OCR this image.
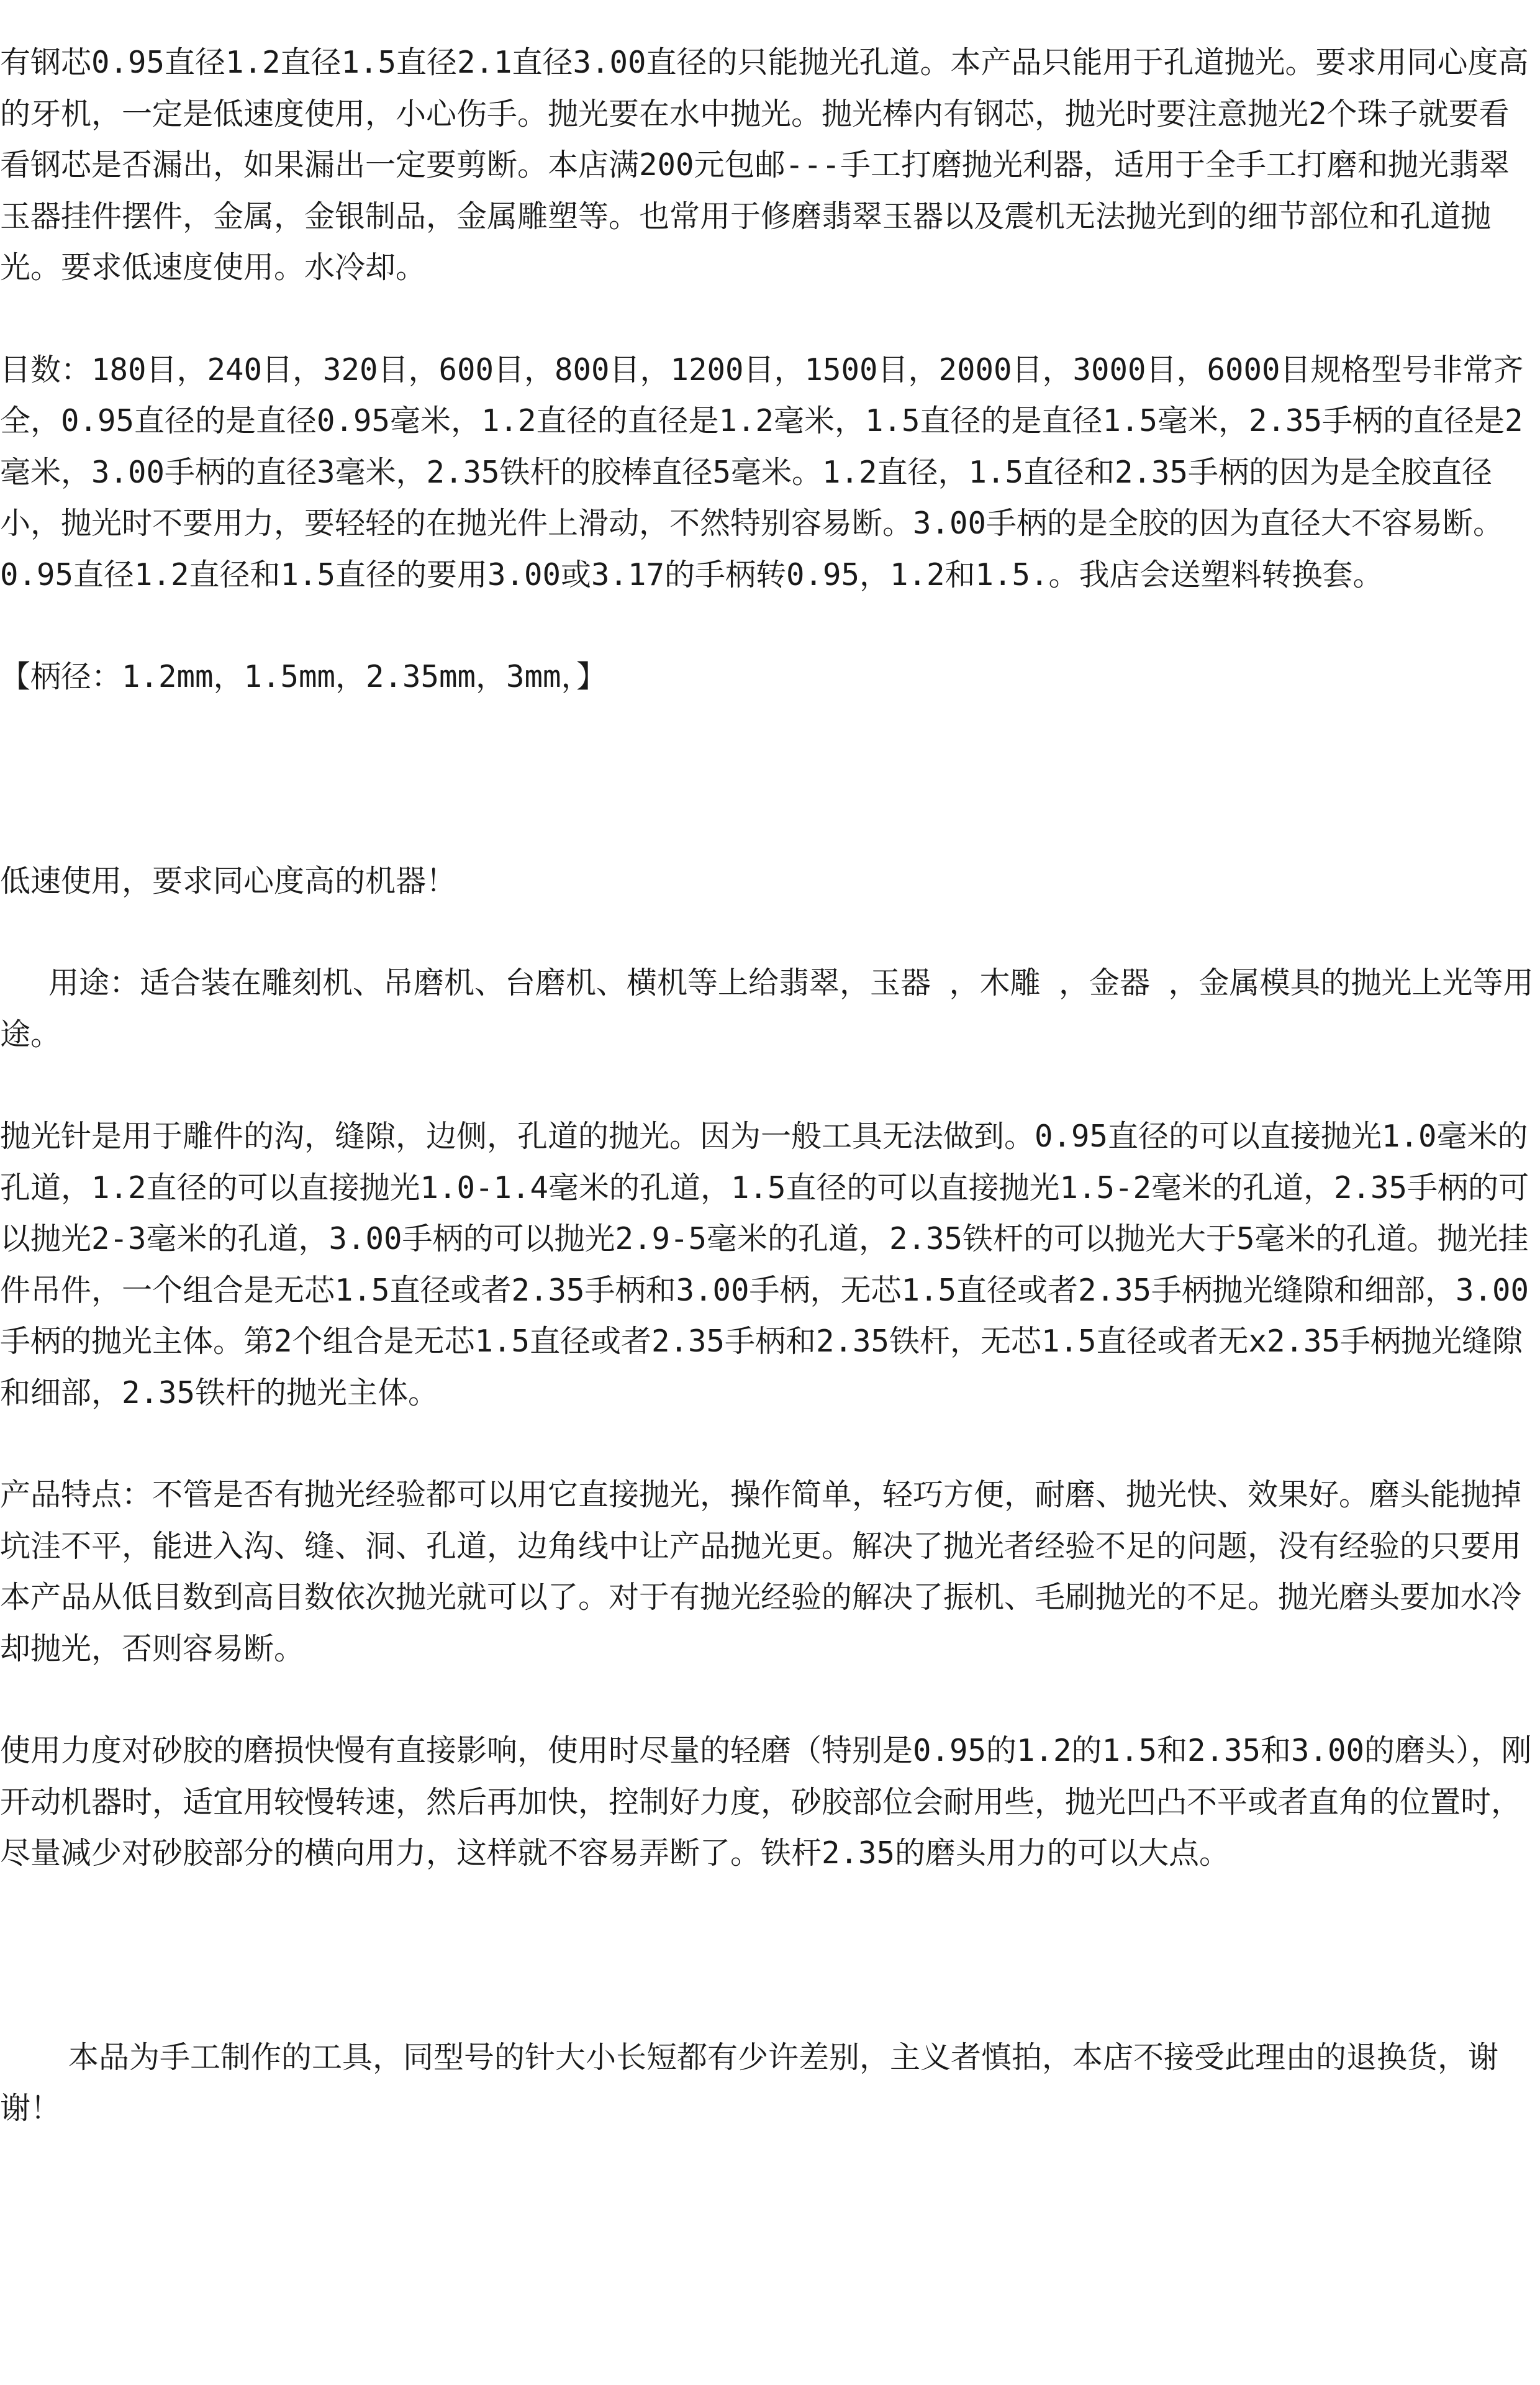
有钢芯0.95直径1.2直径1.5直径2.1直径3.00直径的只能抛光孔道。本产品只能用于孔道抛光。要求用同心度高的牙机，一定是低速度使用，小心伤手。抛光要在水中抛光。抛光棒内有钢芯，抛光时要注意抛光2个珠子就要看看钢芯是否漏出，如果漏出一定要剪断。本店满200元包邮---手工打磨抛光利器，适用于全手工打磨和抛光翡翠玉器挂件摆件，金属，金银制品，金属雕塑等。也常用于修磨翡翠玉器以及震机无法抛光到的细节部位和孔道抛光。要求低速度使用。水冷却。

目数：180目，240目，320目，600目，800目，1200目，1500目，2000目，3000目，6000目规格型号非常齐全，0.95直径的是直径0.95毫米，1.2直径的直径是1.2毫米，1.5直径的是直径1.5毫米，2.35手柄的直径是2毫米，3.00手柄的直径3毫米，2.35铁杆的胶棒直径5毫米。1.2直径，1.5直径和2.35手柄的因为是全胶直径小，抛光时不要用力，要轻轻的在抛光件上滑动，不然特别容易断。3.00手柄的是全胶的因为直径大不容易断。0.95直径1.2直径和1.5直径的要用3.00或3.17的手柄转0.95，1.2和1.5.。我店会送塑料转换套。

【柄径：1.2mm，1.5mm，2.35mm，3mm，】

低速使用，要求同心度高的机器！

用途：适合装在雕刻机、吊磨机、台磨机、横机等上给翡翠，玉器 ，木雕 ，金器 ，金属模具的抛光上光等用途。

抛光针是用于雕件的沟，缝隙，边侧，孔道的抛光。因为一般工具无法做到。0.95直径的可以直接抛光1.0毫米的孔道，1.2直径的可以直接抛光1.0-1.4毫米的孔道，1.5直径的可以直接抛光1.5-2毫米的孔道，2.35手柄的可以抛光2-3毫米的孔道，3.00手柄的可以抛光2.9-5毫米的孔道，2.35铁杆的可以抛光大于5毫米的孔道。抛光挂件吊件，一个组合是无芯1.5直径或者2.35手柄和3.00手柄，无芯1.5直径或者2.35手柄抛光缝隙和细部，3.00手柄的抛光主体。第2个组合是无芯1.5直径或者2.35手柄和2.35铁杆，无芯1.5直径或者无x2.35手柄抛光缝隙和细部，2.35铁杆的抛光主体。

产品特点：不管是否有抛光经验都可以用它直接抛光，操作简单，轻巧方便，耐磨、抛光快、效果好。磨头能抛掉坑洼不平，能进入沟、缝、洞、孔道，边角线中让产品抛光更。解决了抛光者经验不足的问题，没有经验的只要用本产品从低目数到高目数依次抛光就可以了。对于有抛光经验的解决了振机、毛刷抛光的不足。抛光磨头要加水冷却抛光，否则容易断。

使用力度对砂胶的磨损快慢有直接影响，使用时尽量的轻磨（特别是0.95的1.2的1.5和2.35和3.00的磨头），刚开动机器时，适宜用较慢转速，然后再加快，控制好力度，砂胶部位会耐用些，抛光凹凸不平或者直角的位置时，尽量减少对砂胶部分的横向用力，这样就不容易弄断了。铁杆2.35的磨头用力的可以大点。

本品为手工制作的工具，同型号的针大小长短都有少许差别，主义者慎拍，本店不接受此理由的退换货，谢谢！
